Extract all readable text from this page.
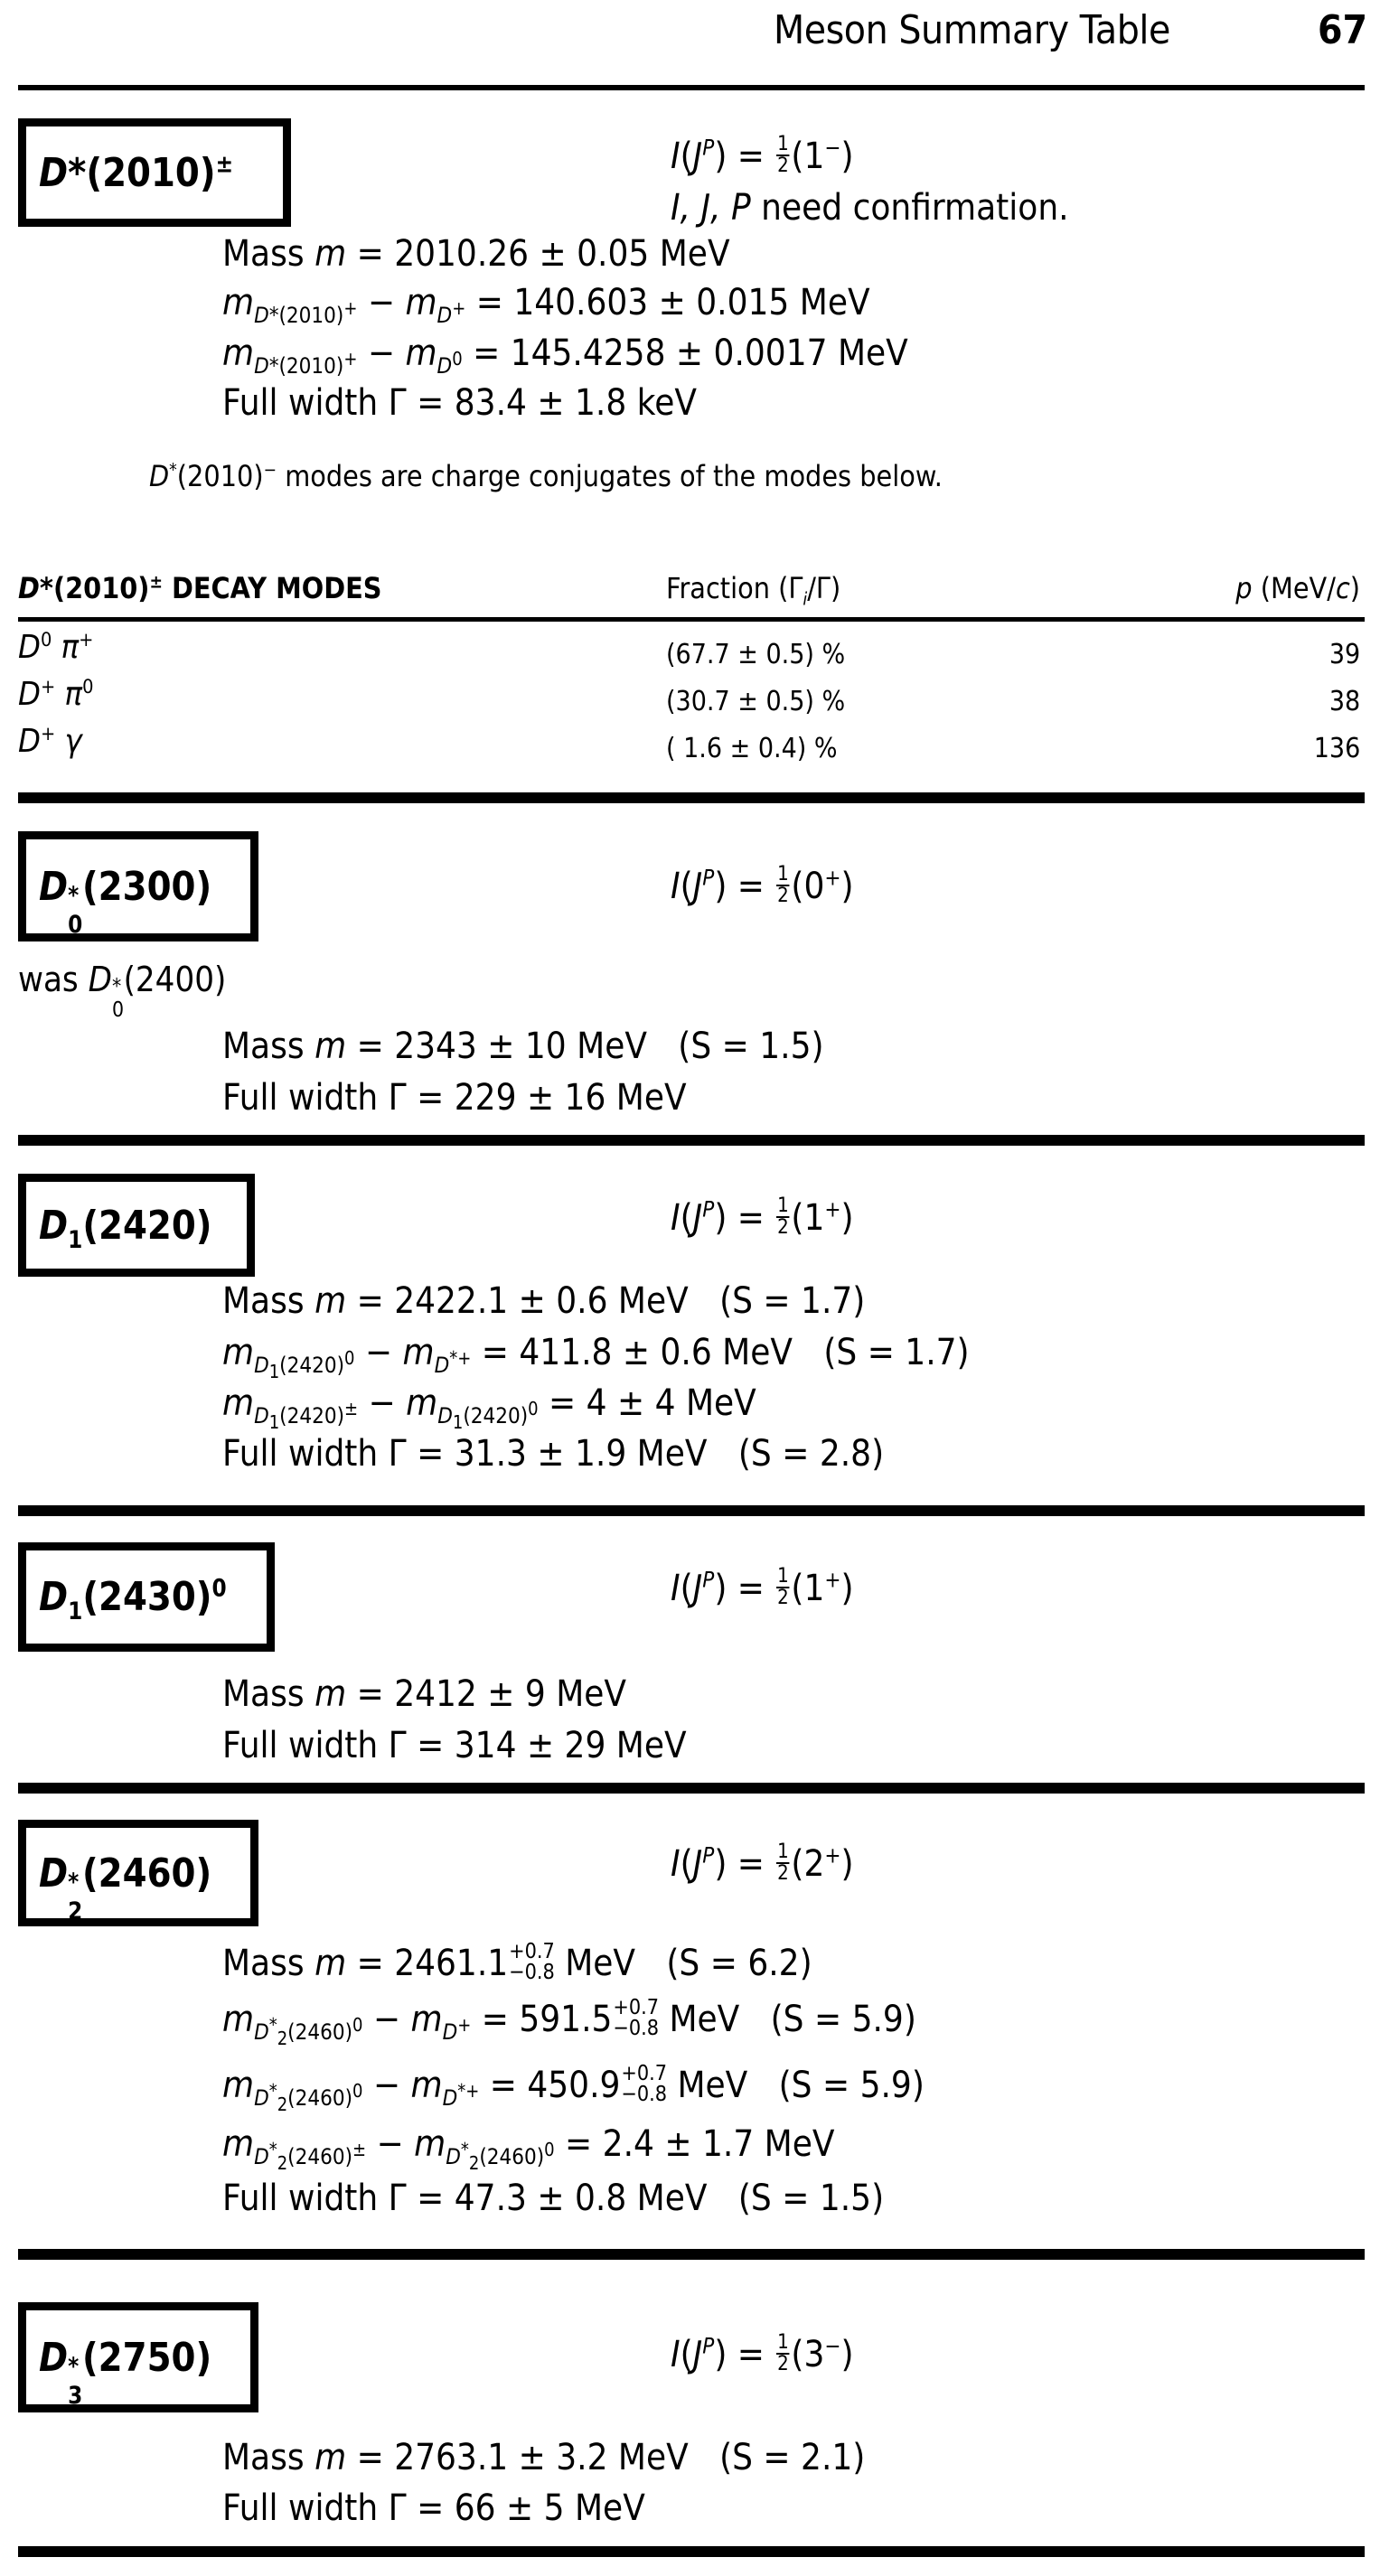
Meson Summary Table	67
D*(2010)±	$I(J^P) = \frac{1}{2} (1^-)$
I, J, P need confirmation.
Mass m = 2010.26 ± 0.05 MeV
$m_{D*(2010)^+} - m_{D^+} = 140.603 \pm 0.015$ MeV
$m_{D*(2010)^+} - m_{D^0} = 145.4258 \pm 0.0017$ MeV
Full width Γ = 83.4 ± 1.8 keV
D*(2010)− modes are charge conjugates of the modes below.
D*(2010)± DECAY MODES	Fraction $(\Gamma_i/\Gamma)$	p (MeV/c)
$D^0$ π+	(67.7 ± 0.5) %	39
D+ $\pi^0$	(30.7 ± 0.5) %	38
D+ γ	( 1.6 ± 0.4) %	136
D *
0
(2300)	$I(J^P) = \frac{1}{2} (0^+)$
was D *
0
(2400)
Mass m = 2343 ± 10 MeV (S = 1.5)
Full width Γ = 229 ± 16 MeV
$D_1(2420)$	$I(J^P) = \frac{1}{2} (1^+)$
Mass m = 2422.1 ± 0.6 MeV (S = 1.7)
$m_{D_1(2420)^0} - m_{D^{*+}} = 411.8 \pm 0.6$ MeV (S = 1.7)
$m_{D_1(2420)^\pm} - m_{D_1(2420)^0} = 4 \pm 4$ MeV
Full width Γ = 31.3 ± 1.9 MeV (S = 2.8)
$D_1(2430)^0$	$I(J^P) = \frac{1}{2} (1^+)$
Mass m = 2412 ± 9 MeV
Full width Γ = 314 ± 29 MeV
D *
2
(2460)	$I(J^P) = \frac{1}{2} (2^+)$
Mass m = 2461.1 +0.7
−0.8 MeV (S = 6.2)
$m_{D^*_2(2460)^0} - m_{D^+} = 591.5 +0.7$
−0.8 MeV (S = 5.9)
$m_{D^*_2(2460)^0} - m_{D^{*+}} = 450.9 +0.7$
−0.8 MeV (S = 5.9)
$m_{D^*_2(2460)^\pm} - m_{D^*_2(2460)^0} = 2.4 \pm 1.7$ MeV
Full width Γ = 47.3 ± 0.8 MeV (S = 1.5)
D *
3
(2750)	$I(J^P) = \frac{1}{2} (3^-)$
Mass m = 2763.1 ± 3.2 MeV (S = 2.1)
Full width Γ = 66 ± 5 MeV
